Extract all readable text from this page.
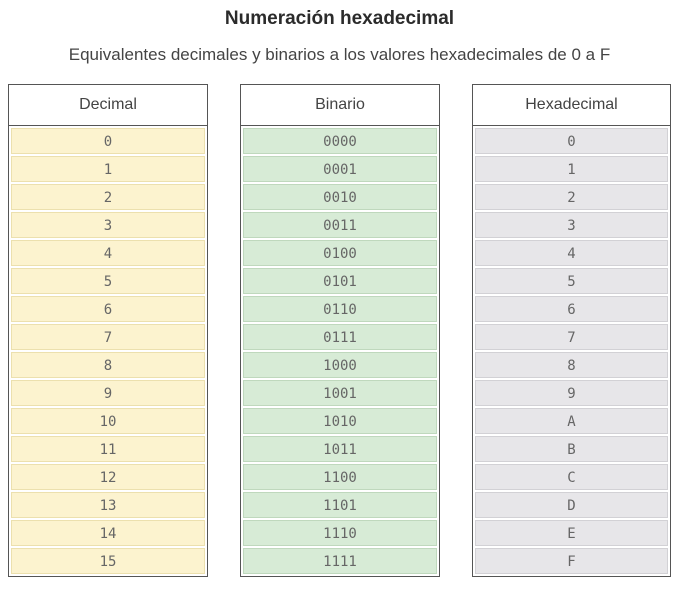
Numeración hexadecimal
Equivalentes decimales y binarios a los valores hexadecimales de 0 a F
Decimal
0
1
2
3
4
5
6
7
8
9
10
11
12
13
14
15
Binario
0000
0001
0010
0011
0100
0101
0110
0111
1000
1001
1010
1011
1100
1101
1110
1111
Hexadecimal
0
1
2
3
4
5
6
7
8
9
A
B
C
D
E
F
